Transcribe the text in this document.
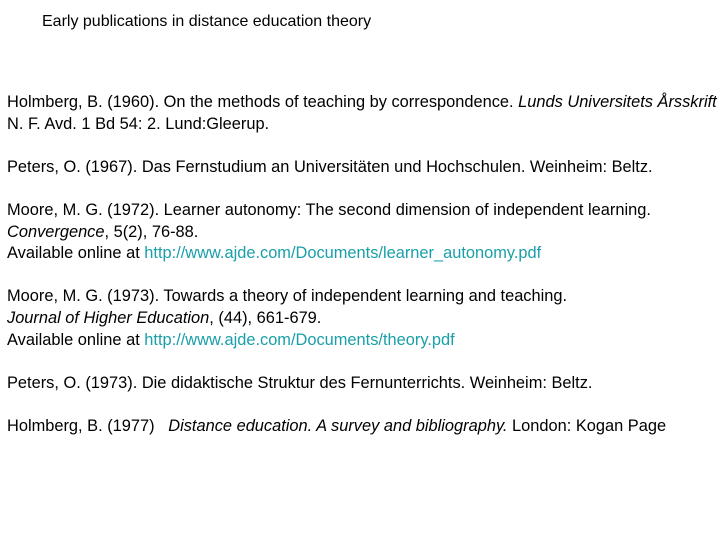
Early publications in distance education theory

Holmberg, B. (1960). On the methods of teaching by correspondence. Lunds Universitets Årsskrift N. F. Avd. 1 Bd 54: 2. Lund:Gleerup.

Peters, O. (1967). Das Fernstudium an Universitäten und Hochschulen. Weinheim: Beltz.

Moore, M. G. (1972). Learner autonomy: The second dimension of independent learning. Convergence, 5(2), 76-88.
Available online at http://www.ajde.com/Documents/learner_autonomy.pdf

Moore, M. G. (1973). Towards a theory of independent learning and teaching.
Journal of Higher Education, (44), 661-679.
Available online at http://www.ajde.com/Documents/theory.pdf

Peters, O. (1973). Die didaktische Struktur des Fernunterrichts. Weinheim: Beltz.

Holmberg, B. (1977)   Distance education. A survey and bibliography. London: Kogan Page
